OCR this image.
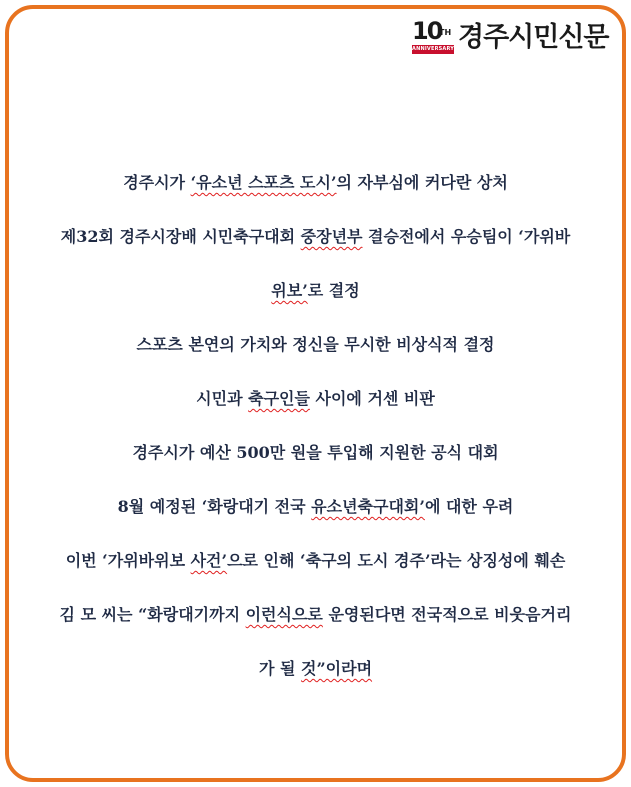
10
TH
ANNIVERSARY 경주시민신문
경주시가 ‘유소년 스포츠 도시’의 자부심에 커다란 상처
제32회 경주시장배 시민축구대회 중장년부 결승전에서 우승팀이 ‘가위바
위보’로 결정
스포츠 본연의 가치와 정신을 무시한 비상식적 결정
시민과 축구인들 사이에 거센 비판
경주시가 예산 500만 원을 투입해 지원한 공식 대회
8월 예정된 ‘화랑대기 전국 유소년축구대회’에 대한 우려
이번 ‘가위바위보 사건’으로 인해 ‘축구의 도시 경주’라는 상징성에 훼손
김 모 씨는 “화랑대기까지 이런식으로 운영된다면 전국적으로 비웃음거리
가 될 것”이라며
